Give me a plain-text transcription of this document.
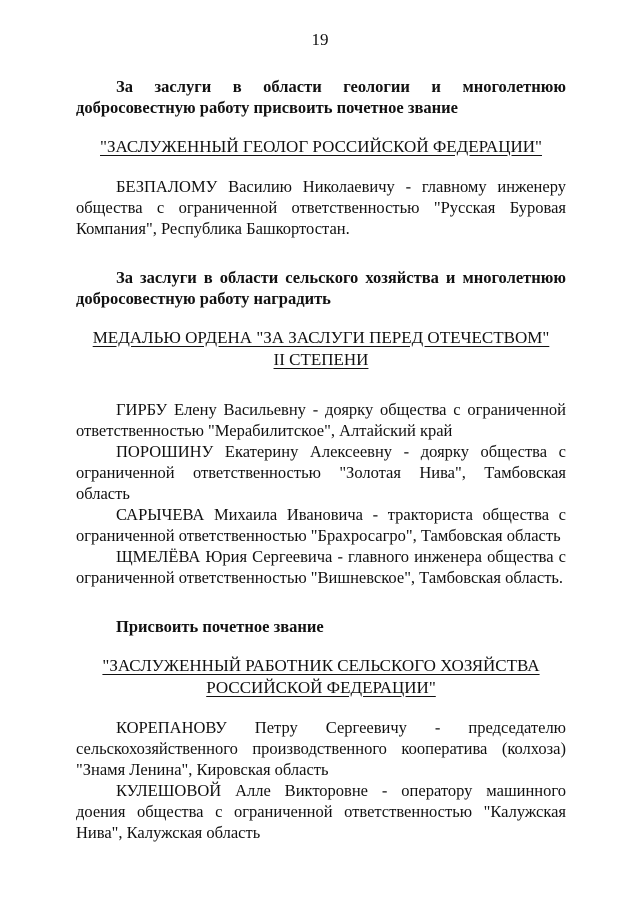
19

За заслуги в области геологии и многолетнюю добросовестную работу присвоить почетное звание

"ЗАСЛУЖЕННЫЙ ГЕОЛОГ РОССИЙСКОЙ ФЕДЕРАЦИИ"

БЕЗПАЛОМУ Василию Николаевичу - главному инженеру общества с ограниченной ответственностью "Русская Буровая Компания", Республика Башкортостан.

За заслуги в области сельского хозяйства и многолетнюю добросовестную работу наградить

МЕДАЛЬЮ ОРДЕНА "ЗА ЗАСЛУГИ ПЕРЕД ОТЕЧЕСТВОМ"

II СТЕПЕНИ

ГИРБУ Елену Васильевну - доярку общества с ограниченной ответственностью "Мерабилитское", Алтайский край

ПОРОШИНУ Екатерину Алексеевну - доярку общества с ограниченной ответственностью "Золотая Нива", Тамбовская область

САРЫЧЕВА Михаила Ивановича - тракториста общества с ограниченной ответственностью "Брахросагро", Тамбовская область

ЩМЕЛЁВА Юрия Сергеевича - главного инженера общества с ограниченной ответственностью "Вишневское", Тамбовская область.

Присвоить почетное звание

"ЗАСЛУЖЕННЫЙ РАБОТНИК СЕЛЬСКОГО ХОЗЯЙСТВА

РОССИЙСКОЙ ФЕДЕРАЦИИ"

КОРЕПАНОВУ Петру Сергеевичу - председателю сельскохозяйственного производственного кооператива (колхоза) "Знамя Ленина", Кировская область

КУЛЕШОВОЙ Алле Викторовне - оператору машинного доения общества с ограниченной ответственностью "Калужская Нива", Калужская область
